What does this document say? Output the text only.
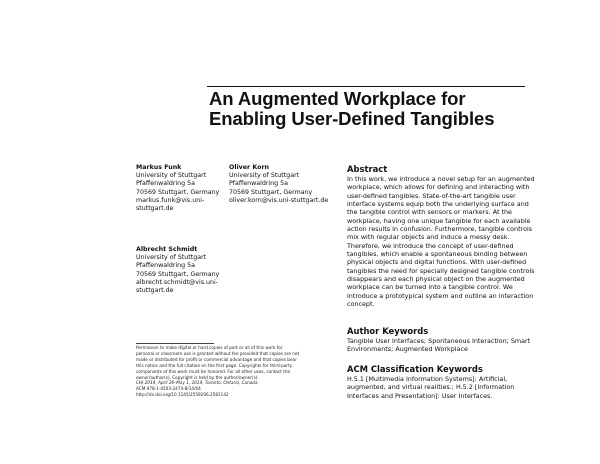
An Augmented Workplace for
Enabling User-Defined Tangibles
Markus Funk
University of Stuttgart
Pfaffenwaldring 5a
70569 Stuttgart, Germany
markus.funk@vis.uni-
stuttgart.de
Oliver Korn
University of Stuttgart
Pfaffenwaldring 5a
70569 Stuttgart, Germany
oliver.korn@vis.uni-stuttgart.de
Albrecht Schmidt
University of Stuttgart
Pfaffenwaldring 5a
70569 Stuttgart, Germany
albrecht.schmidt@vis.uni-
stuttgart.de
Permission to make digital or hard copies of part or all of this work for
personal or classroom use is granted without fee provided that copies are not
made or distributed for profit or commercial advantage and that copies bear
this notice and the full citation on the first page. Copyrights for third-party
components of this work must be honored. For all other uses, contact the
owner/author(s). Copyright is held by the author/owner(s).
CHI 2014, April 26–May 1, 2014, Toronto, Ontario, Canada.
ACM 978-1-4503-2474-8/14/04.
http://dx.doi.org/10.1145/2559206.2581142
Abstract
In this work, we introduce a novel setup for an augmented
workplace, which allows for defining and interacting with
user-defined tangibles. State-of-the-art tangible user
interface systems equip both the underlying surface and
the tangible control with sensors or markers. At the
workplace, having one unique tangible for each available
action results in confusion. Furthermore, tangible controls
mix with regular objects and induce a messy desk.
Therefore, we introduce the concept of user-defined
tangibles, which enable a spontaneous binding between
physical objects and digital functions. With user-defined
tangibles the need for specially designed tangible controls
disappears and each physical object on the augmented
workplace can be turned into a tangible control. We
introduce a prototypical system and outline an interaction
concept.
Author Keywords
Tangible User Interfaces; Spontaneous Interaction; Smart
Environments; Augmented Workplace
ACM Classification Keywords
H.5.1 [Multimedia Information Systems]: Artificial,
augmented, and virtual realities.; H.5.2 [Information
Interfaces and Presentation]: User Interfaces.
